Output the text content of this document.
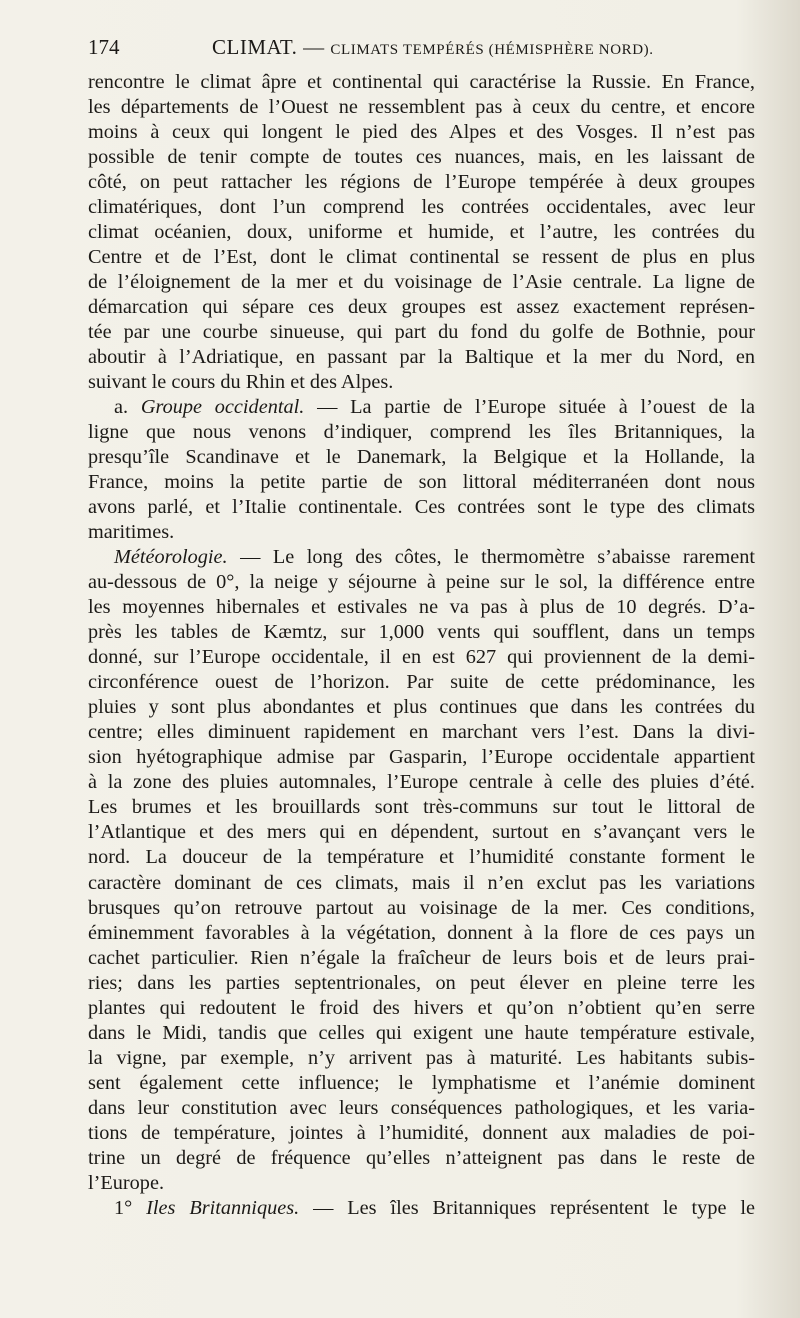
174	CLIMAT. — CLIMATS TEMPÉRÉS (HÉMISPHÈRE NORD).
rencontre le climat âpre et continental qui caractérise la Russie. En France,
les départements de l’Ouest ne ressemblent pas à ceux du centre, et encore
moins à ceux qui longent le pied des Alpes et des Vosges. Il n’est pas
possible de tenir compte de toutes ces nuances, mais, en les laissant de
côté, on peut rattacher les régions de l’Europe tempérée à deux groupes
climatériques, dont l’un comprend les contrées occidentales, avec leur
climat océanien, doux, uniforme et humide, et l’autre, les contrées du
Centre et de l’Est, dont le climat continental se ressent de plus en plus
de l’éloignement de la mer et du voisinage de l’Asie centrale. La ligne de
démarcation qui sépare ces deux groupes est assez exactement représen-
tée par une courbe sinueuse, qui part du fond du golfe de Bothnie, pour
aboutir à l’Adriatique, en passant par la Baltique et la mer du Nord, en
suivant le cours du Rhin et des Alpes.
a. Groupe occidental. — La partie de l’Europe située à l’ouest de la
ligne que nous venons d’indiquer, comprend les îles Britanniques, la
presqu’île Scandinave et le Danemark, la Belgique et la Hollande, la
France, moins la petite partie de son littoral méditerranéen dont nous
avons parlé, et l’Italie continentale. Ces contrées sont le type des climats
maritimes.
Météorologie. — Le long des côtes, le thermomètre s’abaisse rarement
au-dessous de 0°, la neige y séjourne à peine sur le sol, la différence entre
les moyennes hibernales et estivales ne va pas à plus de 10 degrés. D’a-
près les tables de Kæmtz, sur 1,000 vents qui soufflent, dans un temps
donné, sur l’Europe occidentale, il en est 627 qui proviennent de la demi-
circonférence ouest de l’horizon. Par suite de cette prédominance, les
pluies y sont plus abondantes et plus continues que dans les contrées du
centre; elles diminuent rapidement en marchant vers l’est. Dans la divi-
sion hyétographique admise par Gasparin, l’Europe occidentale appartient
à la zone des pluies automnales, l’Europe centrale à celle des pluies d’été.
Les brumes et les brouillards sont très-communs sur tout le littoral de
l’Atlantique et des mers qui en dépendent, surtout en s’avançant vers le
nord. La douceur de la température et l’humidité constante forment le
caractère dominant de ces climats, mais il n’en exclut pas les variations
brusques qu’on retrouve partout au voisinage de la mer. Ces conditions,
éminemment favorables à la végétation, donnent à la flore de ces pays un
cachet particulier. Rien n’égale la fraîcheur de leurs bois et de leurs prai-
ries; dans les parties septentrionales, on peut élever en pleine terre les
plantes qui redoutent le froid des hivers et qu’on n’obtient qu’en serre
dans le Midi, tandis que celles qui exigent une haute température estivale,
la vigne, par exemple, n’y arrivent pas à maturité. Les habitants subis-
sent également cette influence; le lymphatisme et l’anémie dominent
dans leur constitution avec leurs conséquences pathologiques, et les varia-
tions de température, jointes à l’humidité, donnent aux maladies de poi-
trine un degré de fréquence qu’elles n’atteignent pas dans le reste de
l’Europe.
1° Iles Britanniques. — Les îles Britanniques représentent le type le
